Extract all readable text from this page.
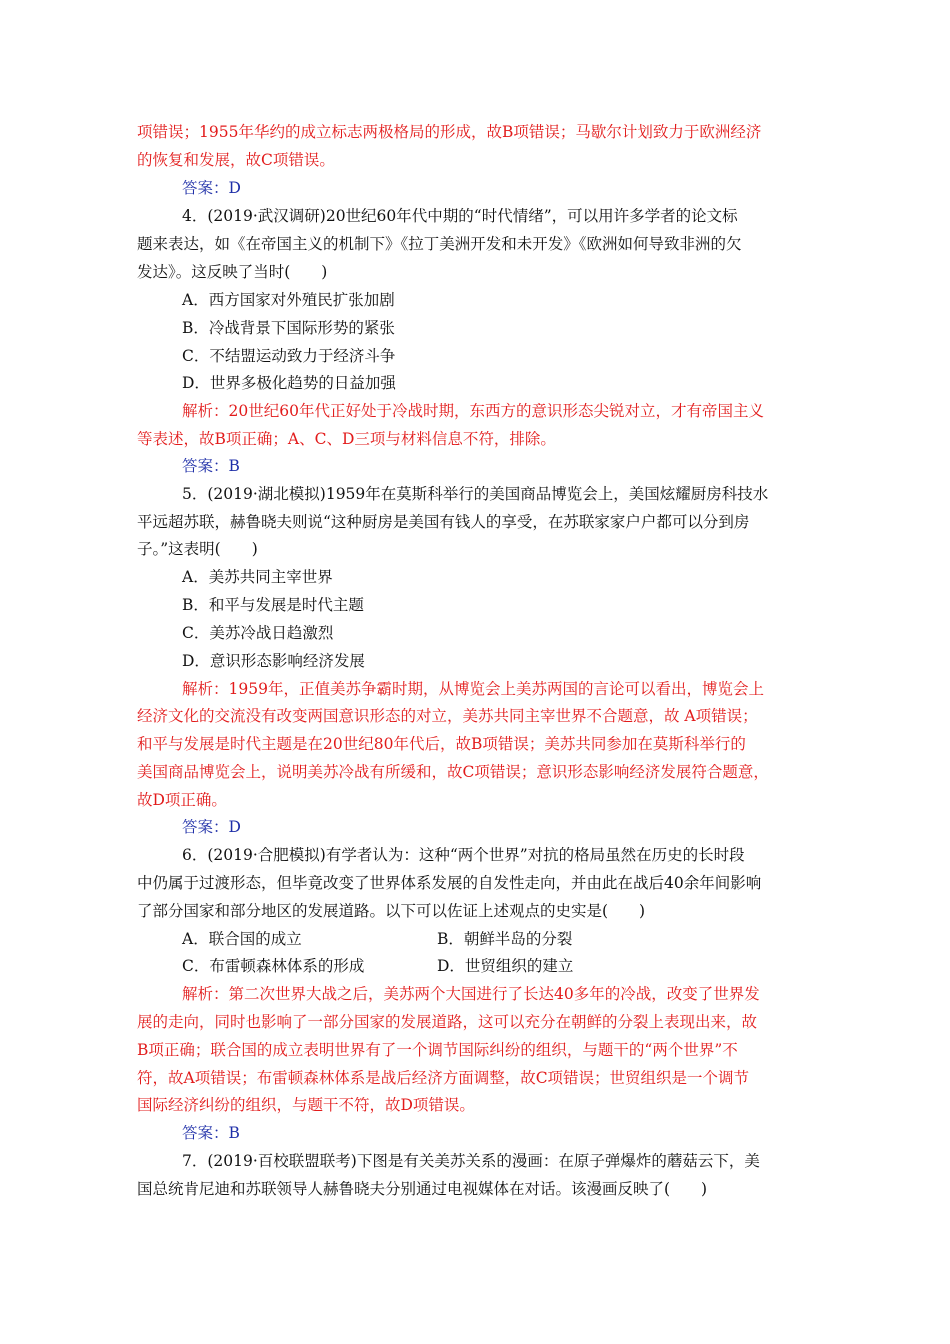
项错误；1955年华约的成立标志两极格局的形成，故B项错误；马歇尔计划致力于欧洲经济
的恢复和发展，故C项错误。
答案：D
4．(2019·武汉调研)20世纪60年代中期的“时代情绪”，可以用许多学者的论文标
题来表达，如《在帝国主义的机制下》《拉丁美洲开发和未开发》《欧洲如何导致非洲的欠
发达》。这反映了当时(　　)
A．西方国家对外殖民扩张加剧
B．冷战背景下国际形势的紧张
C．不结盟运动致力于经济斗争
D．世界多极化趋势的日益加强
解析：20世纪60年代正好处于冷战时期，东西方的意识形态尖锐对立，才有帝国主义
等表述，故B项正确；A、C、D三项与材料信息不符，排除。
答案：B
5．(2019·湖北模拟)1959年在莫斯科举行的美国商品博览会上，美国炫耀厨房科技水
平远超苏联，赫鲁晓夫则说“这种厨房是美国有钱人的享受，在苏联家家户户都可以分到房
子。”这表明(　　)
A．美苏共同主宰世界
B．和平与发展是时代主题
C．美苏冷战日趋激烈
D．意识形态影响经济发展
解析：1959年，正值美苏争霸时期，从博览会上美苏两国的言论可以看出，博览会上
经济文化的交流没有改变两国意识形态的对立，美苏共同主宰世界不合题意，故 A项错误；
和平与发展是时代主题是在20世纪80年代后，故B项错误；美苏共同参加在莫斯科举行的
美国商品博览会上，说明美苏冷战有所缓和，故C项错误；意识形态影响经济发展符合题意，
故D项正确。
答案：D
6．(2019·合肥模拟)有学者认为：这种“两个世界”对抗的格局虽然在历史的长时段
中仍属于过渡形态，但毕竟改变了世界体系发展的自发性走向，并由此在战后40余年间影响
了部分国家和部分地区的发展道路。以下可以佐证上述观点的史实是(　　)
A．联合国的成立	B．朝鲜半岛的分裂
C．布雷顿森林体系的形成	D．世贸组织的建立
解析：第二次世界大战之后，美苏两个大国进行了长达40多年的冷战，改变了世界发
展的走向，同时也影响了一部分国家的发展道路，这可以充分在朝鲜的分裂上表现出来，故
B项正确；联合国的成立表明世界有了一个调节国际纠纷的组织，与题干的“两个世界”不
符，故A项错误；布雷顿森林体系是战后经济方面调整，故C项错误；世贸组织是一个调节
国际经济纠纷的组织，与题干不符，故D项错误。
答案：B
7．(2019·百校联盟联考)下图是有关美苏关系的漫画：在原子弹爆炸的蘑菇云下，美
国总统肯尼迪和苏联领导人赫鲁晓夫分别通过电视媒体在对话。该漫画反映了(　　)
